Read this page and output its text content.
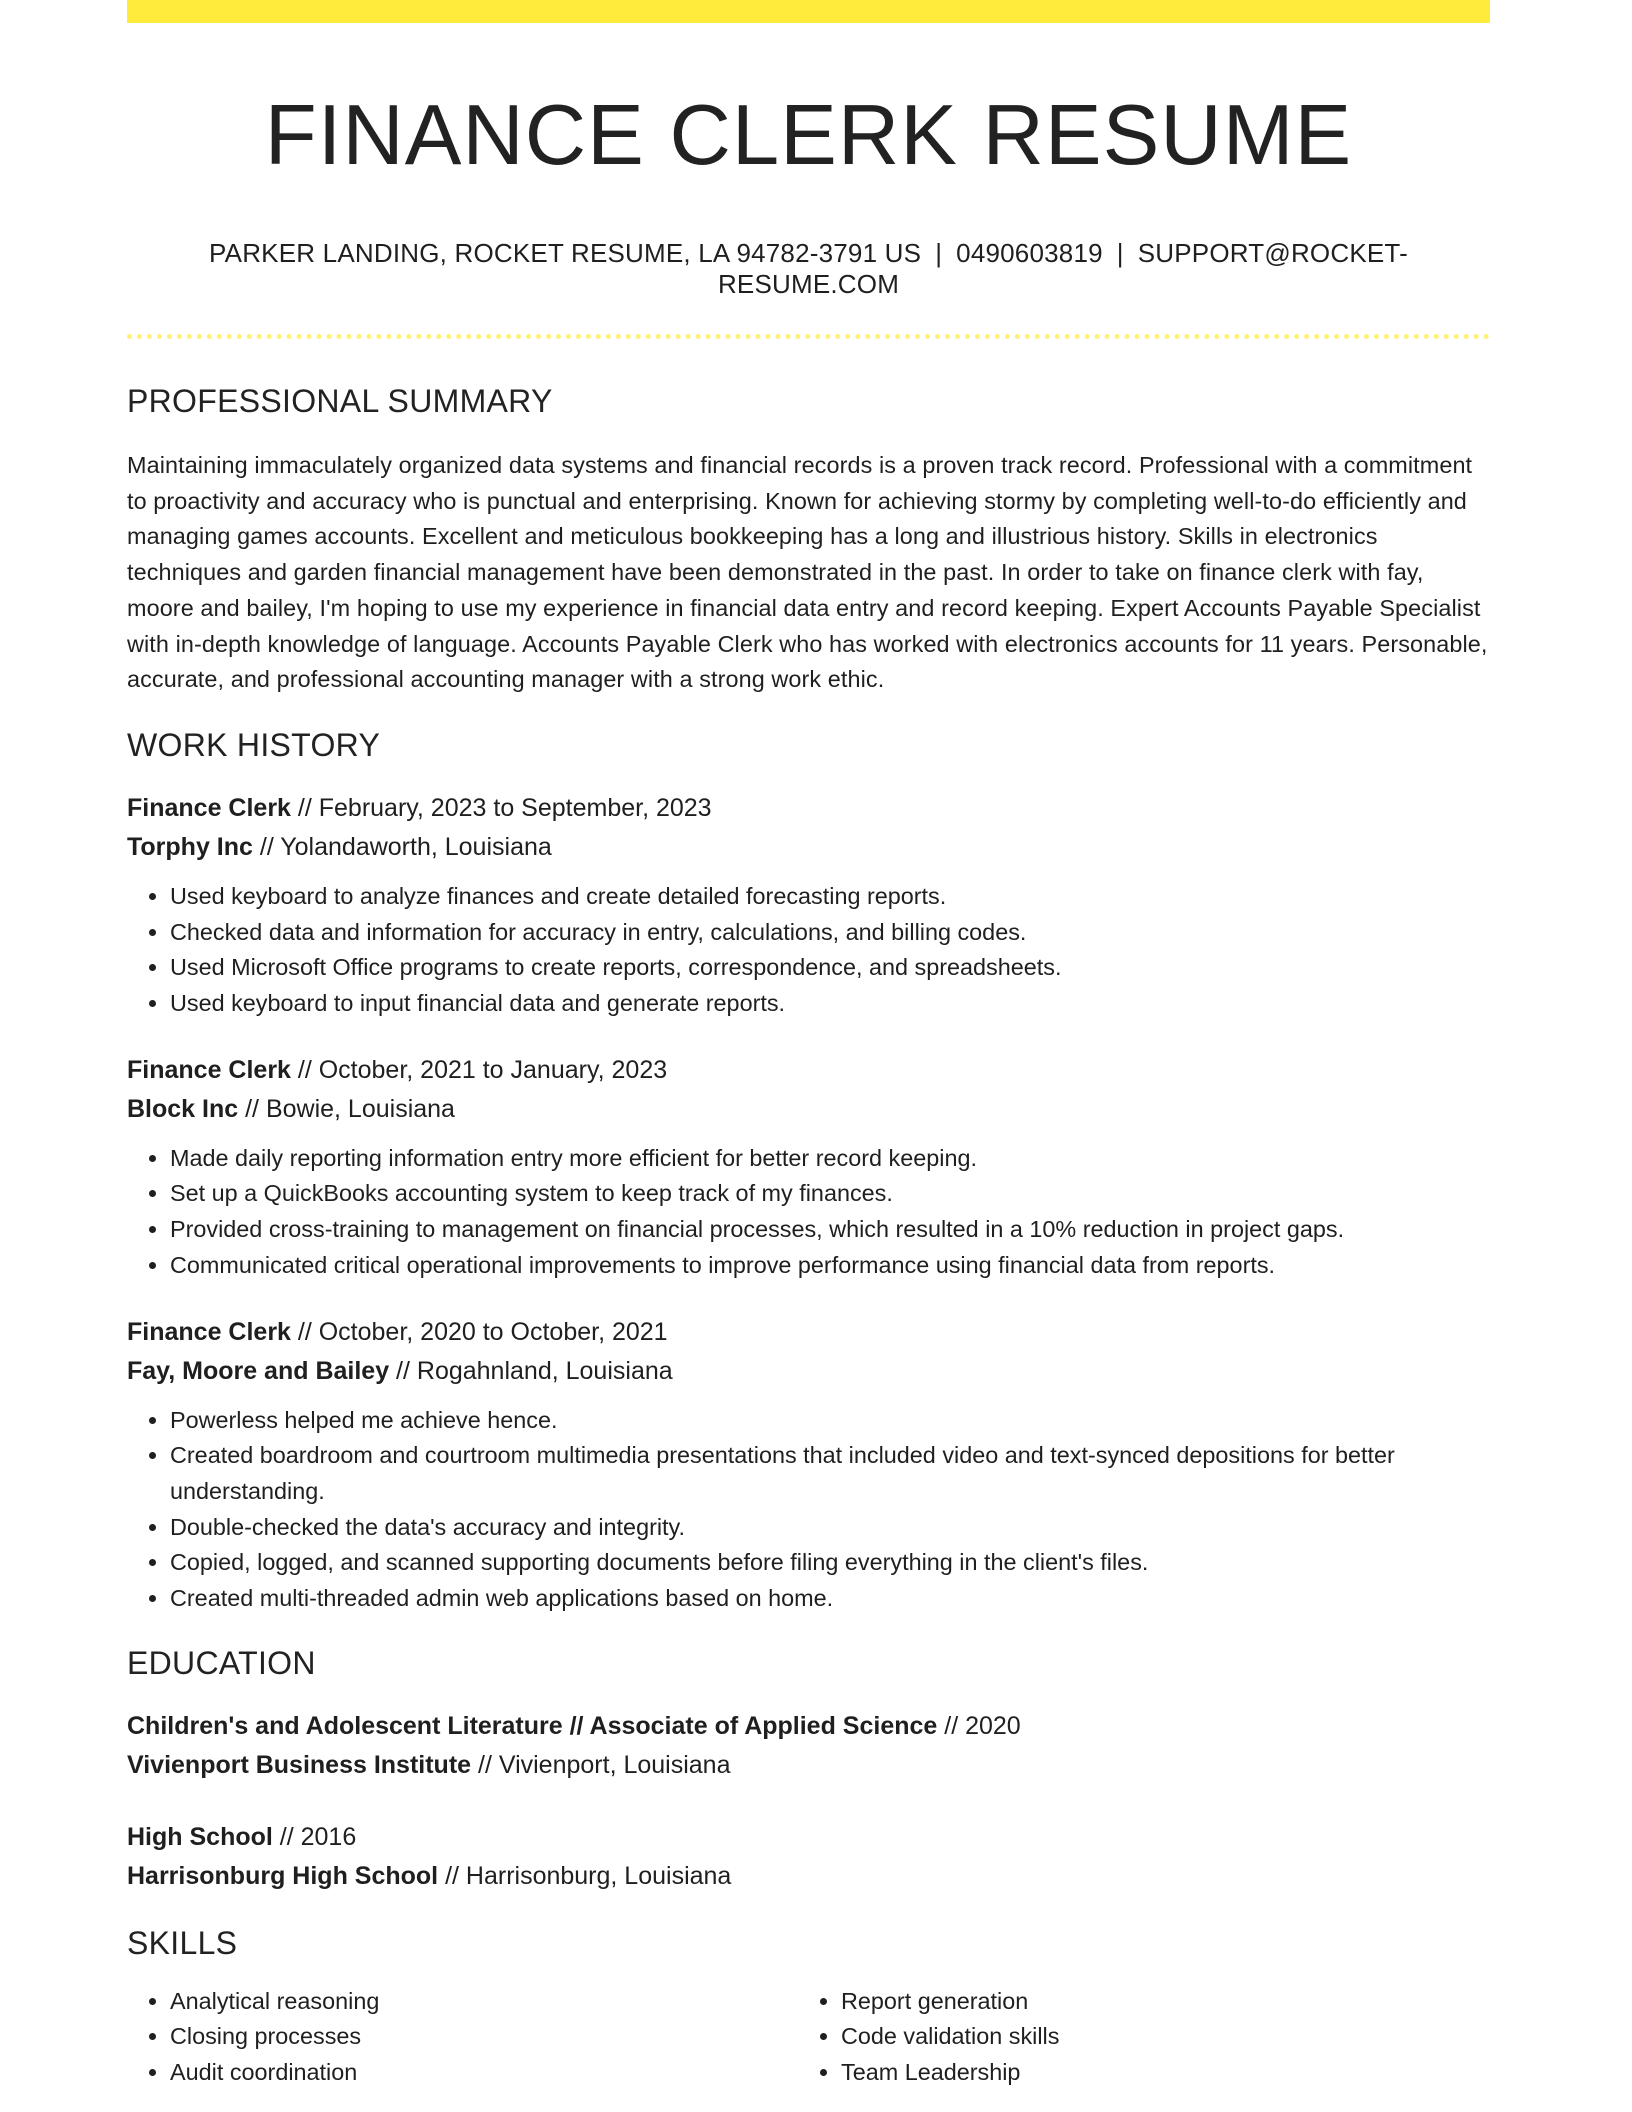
FINANCE CLERK RESUME
PARKER LANDING, ROCKET RESUME, LA 94782-3791 US | 0490603819 | SUPPORT@ROCKET-RESUME.COM
PROFESSIONAL SUMMARY
Maintaining immaculately organized data systems and financial records is a proven track record. Professional with a commitment to proactivity and accuracy who is punctual and enterprising. Known for achieving stormy by completing well-to-do efficiently and managing games accounts. Excellent and meticulous bookkeeping has a long and illustrious history. Skills in electronics techniques and garden financial management have been demonstrated in the past. In order to take on finance clerk with fay, moore and bailey, I'm hoping to use my experience in financial data entry and record keeping. Expert Accounts Payable Specialist with in-depth knowledge of language. Accounts Payable Clerk who has worked with electronics accounts for 11 years. Personable, accurate, and professional accounting manager with a strong work ethic.
WORK HISTORY
Finance Clerk // February, 2023 to September, 2023
Torphy Inc // Yolandaworth, Louisiana
• Used keyboard to analyze finances and create detailed forecasting reports.
• Checked data and information for accuracy in entry, calculations, and billing codes.
• Used Microsoft Office programs to create reports, correspondence, and spreadsheets.
• Used keyboard to input financial data and generate reports.
Finance Clerk // October, 2021 to January, 2023
Block Inc // Bowie, Louisiana
• Made daily reporting information entry more efficient for better record keeping.
• Set up a QuickBooks accounting system to keep track of my finances.
• Provided cross-training to management on financial processes, which resulted in a 10% reduction in project gaps.
• Communicated critical operational improvements to improve performance using financial data from reports.
Finance Clerk // October, 2020 to October, 2021
Fay, Moore and Bailey // Rogahnland, Louisiana
• Powerless helped me achieve hence.
• Created boardroom and courtroom multimedia presentations that included video and text-synced depositions for better understanding.
• Double-checked the data's accuracy and integrity.
• Copied, logged, and scanned supporting documents before filing everything in the client's files.
• Created multi-threaded admin web applications based on home.
EDUCATION
Children's and Adolescent Literature // Associate of Applied Science // 2020
Vivienport Business Institute // Vivienport, Louisiana
High School // 2016
Harrisonburg High School // Harrisonburg, Louisiana
SKILLS
• Analytical reasoning
• Closing processes
• Audit coordination
• Report generation
• Code validation skills
• Team Leadership
